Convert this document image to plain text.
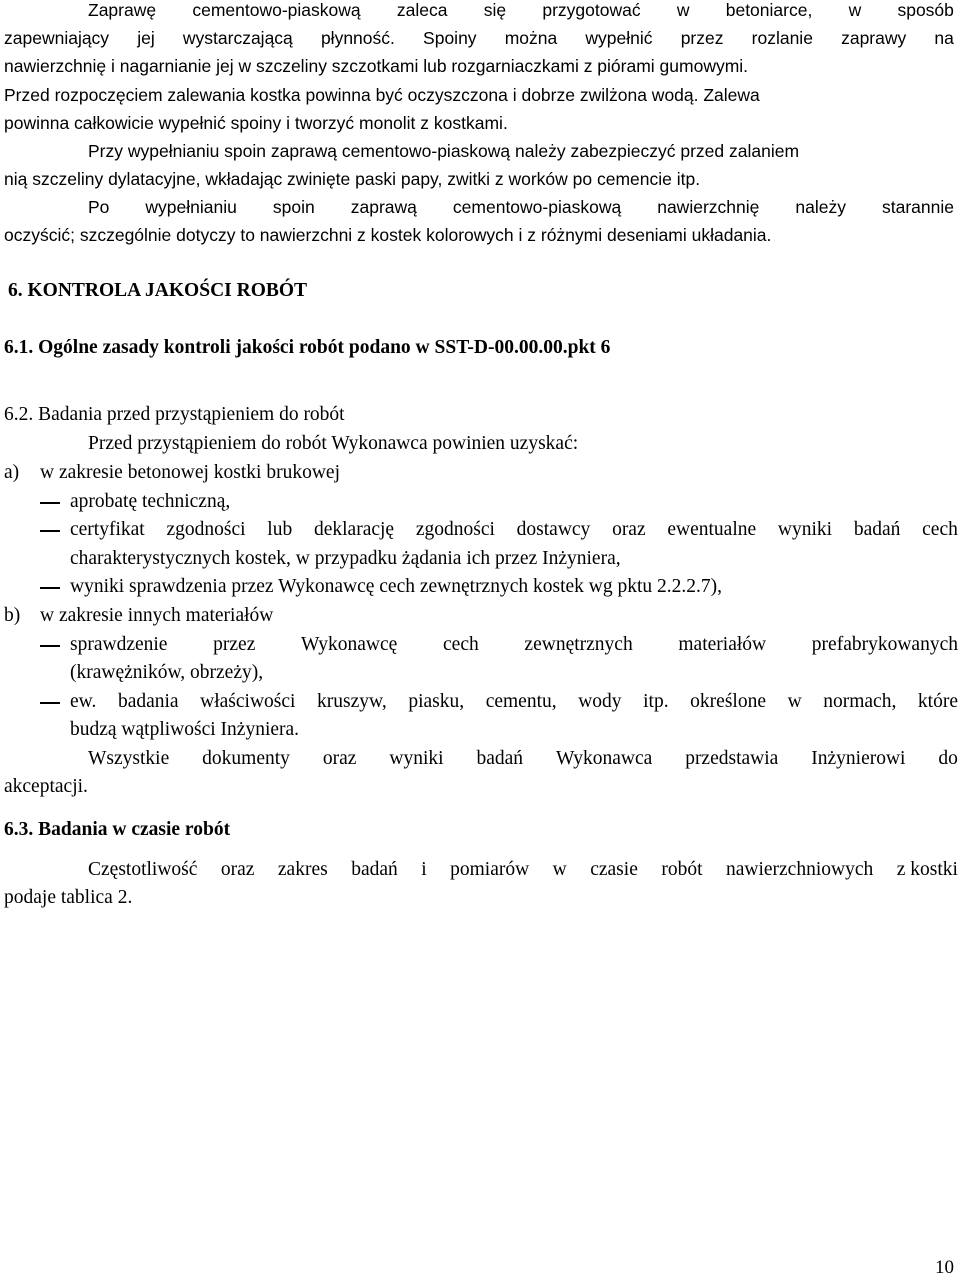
Zaprawę cementowo-piaskową zaleca się przygotować w betoniarce, w sposób
zapewniający jej wystarczającą płynność. Spoiny można wypełnić przez rozlanie zaprawy na
nawierzchnię i nagarnianie jej w szczeliny szczotkami lub rozgarniaczkami z piórami gumowymi.
Przed rozpoczęciem zalewania kostka powinna być oczyszczona i dobrze zwilżona wodą. Zalewa
powinna całkowicie wypełnić spoiny i tworzyć monolit z kostkami.
Przy wypełnianiu spoin zaprawą cementowo-piaskową należy zabezpieczyć przed zalaniem
nią szczeliny dylatacyjne, wkładając zwinięte paski papy, zwitki z worków po cemencie itp.
Po wypełnianiu spoin zaprawą cementowo-piaskową nawierzchnię należy starannie
oczyścić; szczególnie dotyczy to nawierzchni z kostek kolorowych i z różnymi deseniami układania.
6. KONTROLA JAKOŚCI ROBÓT
6.1. Ogólne zasady kontroli jakości robót podano w SST-D-00.00.00.pkt 6
6.2. Badania przed przystąpieniem do robót
Przed przystąpieniem do robót Wykonawca powinien uzyskać:
a) w zakresie betonowej kostki brukowej
aprobatę techniczną,
certyfikat zgodności lub deklarację zgodności dostawcy oraz ewentualne wyniki badań cech
charakterystycznych kostek, w przypadku żądania ich przez Inżyniera,
wyniki sprawdzenia przez Wykonawcę cech zewnętrznych kostek wg pktu 2.2.2.7),
b) w zakresie innych materiałów
sprawdzenie przez Wykonawcę cech zewnętrznych materiałów prefabrykowanych
(krawężników, obrzeży),
ew. badania właściwości kruszyw, piasku, cementu, wody itp. określone w normach, które
budzą wątpliwości Inżyniera.
Wszystkie dokumenty oraz wyniki badań Wykonawca przedstawia Inżynierowi do
akceptacji.
6.3. Badania w czasie robót
Częstotliwość oraz zakres badań i pomiarów w czasie robót nawierzchniowych z kostki
podaje tablica 2.
10
